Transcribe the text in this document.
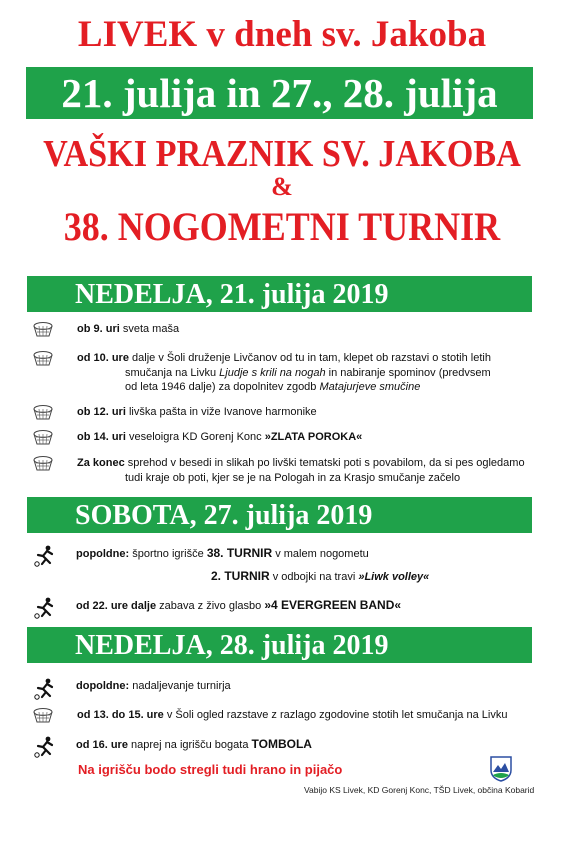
LIVEK v dneh sv. Jakoba
21. julija in 27., 28. julija
VAŠKI PRAZNIK SV. JAKOBA
&
38. NOGOMETNI TURNIR
NEDELJA, 21. julija 2019
ob 9. uri sveta maša
od 10. ure dalje v Šoli druženje Livčanov od tu in tam, klepet ob razstavi o stotih letih
smučanja na Livku Ljudje s krili na nogah in nabiranje spominov (predvsem
od leta 1946 dalje) za dopolnitev zgodb Matajurjeve smučine
ob 12. uri livška pašta in vižе Ivanove harmonike
ob 14. uri veseloigra KD Gorenj Konc »ZLATA POROKA«
Za konec sprehod v besedi in slikah po livški tematski poti s povabilom, da si pes ogledamo
tudi kraje ob poti, kjer se je na Pologah in za Krasjo smučanje začelo
SOBOTA, 27. julija 2019
popoldne: športno igrišče 38. TURNIR v malem nogometu
2. TURNIR v odbojki na travi »Liwk volley«
od 22. ure dalje zabava z živo glasbo »4 EVERGREEN BAND«
NEDELJA, 28. julija 2019
dopoldne: nadaljevanje turnirja
od 13. do 15. ure v Šoli ogled razstave z razlago zgodovine stotih let smučanja na Livku
od 16. ure naprej na igrišču bogata TOMBOLA
Na igrišču bodo stregli tudi hrano in pijačo
Vabijo KS Livek, KD Gorenj Konc, TŠD Livek, občina Kobarid
